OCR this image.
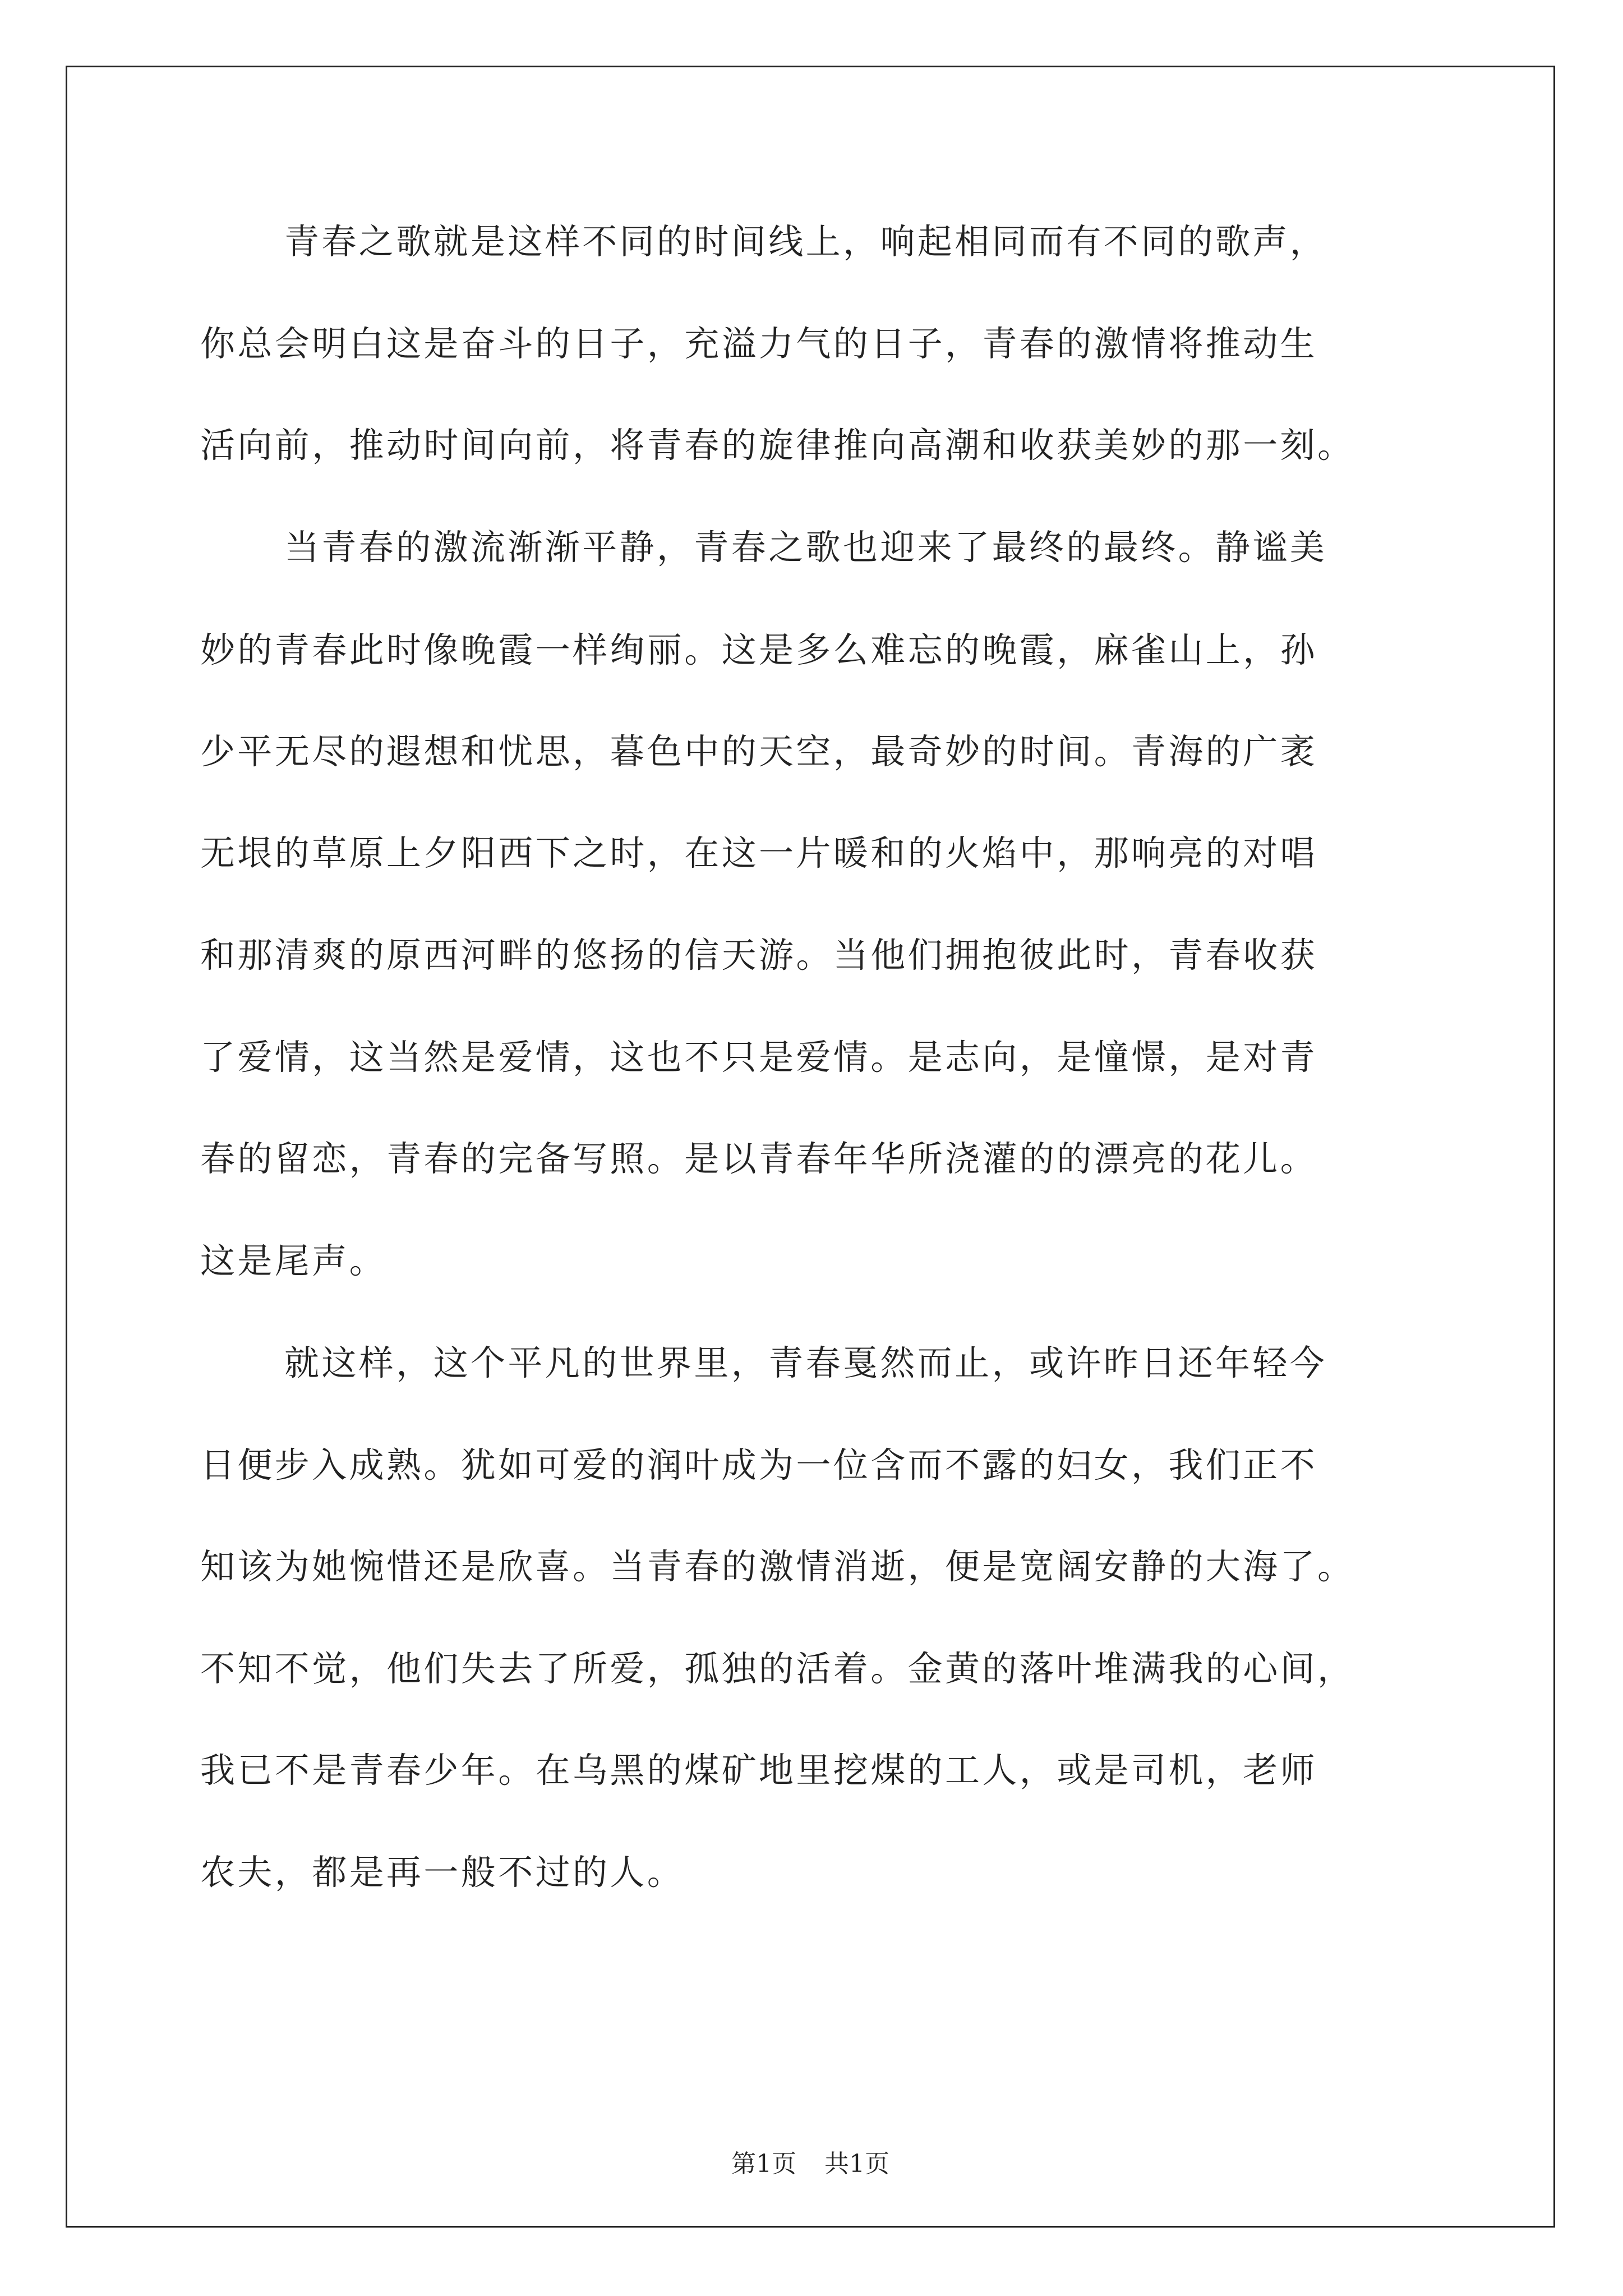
青春之歌就是这样不同的时间线上，响起相同而有不同的歌声，
你总会明白这是奋斗的日子，充溢力气的日子，青春的激情将推动生
活向前，推动时间向前，将青春的旋律推向高潮和收获美妙的那一刻。
当青春的激流渐渐平静，青春之歌也迎来了最终的最终。静谧美
妙的青春此时像晚霞一样绚丽。这是多么难忘的晚霞，麻雀山上，孙
少平无尽的遐想和忧思，暮色中的天空，最奇妙的时间。青海的广袤
无垠的草原上夕阳西下之时，在这一片暖和的火焰中，那响亮的对唱
和那清爽的原西河畔的悠扬的信天游。当他们拥抱彼此时，青春收获
了爱情，这当然是爱情，这也不只是爱情。是志向，是憧憬，是对青
春的留恋，青春的完备写照。是以青春年华所浇灌的的漂亮的花儿。
这是尾声。
就这样，这个平凡的世界里，青春戛然而止，或许昨日还年轻今
日便步入成熟。犹如可爱的润叶成为一位含而不露的妇女，我们正不
知该为她惋惜还是欣喜。当青春的激情消逝，便是宽阔安静的大海了。
不知不觉，他们失去了所爱，孤独的活着。金黄的落叶堆满我的心间，
我已不是青春少年。在乌黑的煤矿地里挖煤的工人，或是司机，老师
农夫，都是再一般不过的人。
第1页 共1页
